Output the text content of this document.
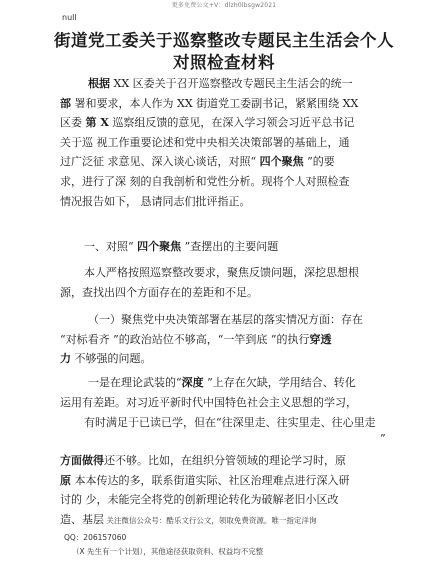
更多免费公文+V：dlzh0lbsgw2021
null
街道党工委关于巡察整改专题民主生活会个人
对照检查材料
根据 XX 区委关于召开巡察整改专题民主生活会的统一
部 署和要求，本人作为 XX 街道党工委副书记，紧紧围绕 XX
区委 第 X 巡察组反馈的意见，在深入学习领会习近平总书记
关于巡 视工作重要论述和党中央相关决策部署的基础上，通
过广泛征 求意见、深入谈心谈话，对照“ 四个聚焦 ”的要
求，进行了深 刻的自我剖析和党性分析。现将个人对照检查
情况报告如下， 恳请同志们批评指正。
一、对照“ 四个聚焦 ”查摆出的主要问题
本人严格按照巡察整改要求，聚焦反馈问题，深挖思想根
源，查找出四个方面存在的差距和不足。
（一）聚焦党中央决策部署在基层的落实情况方面：存在
“对标看齐 ”的政治站位不够高，“一竿到底 ”的执行穿透
力 不够强的问题。
一是在理论武装的“深度 ”上存在欠缺，学用结合、转化
运用有差距。对习近平新时代中国特色社会主义思想的学习，
有时满足于已读已学，但在“往深里走、往实里走、往心里走
”
方面做得还不够。比如，在组织分管领域的理论学习时，原
原 本本传达的多，联系街道实际、社区治理难点进行深入研
讨的 少，未能完全将党的创新理论转化为破解老旧小区改
造、基层 关注微信公众号：酷乐文行公文，领取免费资源。唯一指定洋询
QQ：206157060
（X 先生有一个计划），其他途径获取资料、权益均不完整
